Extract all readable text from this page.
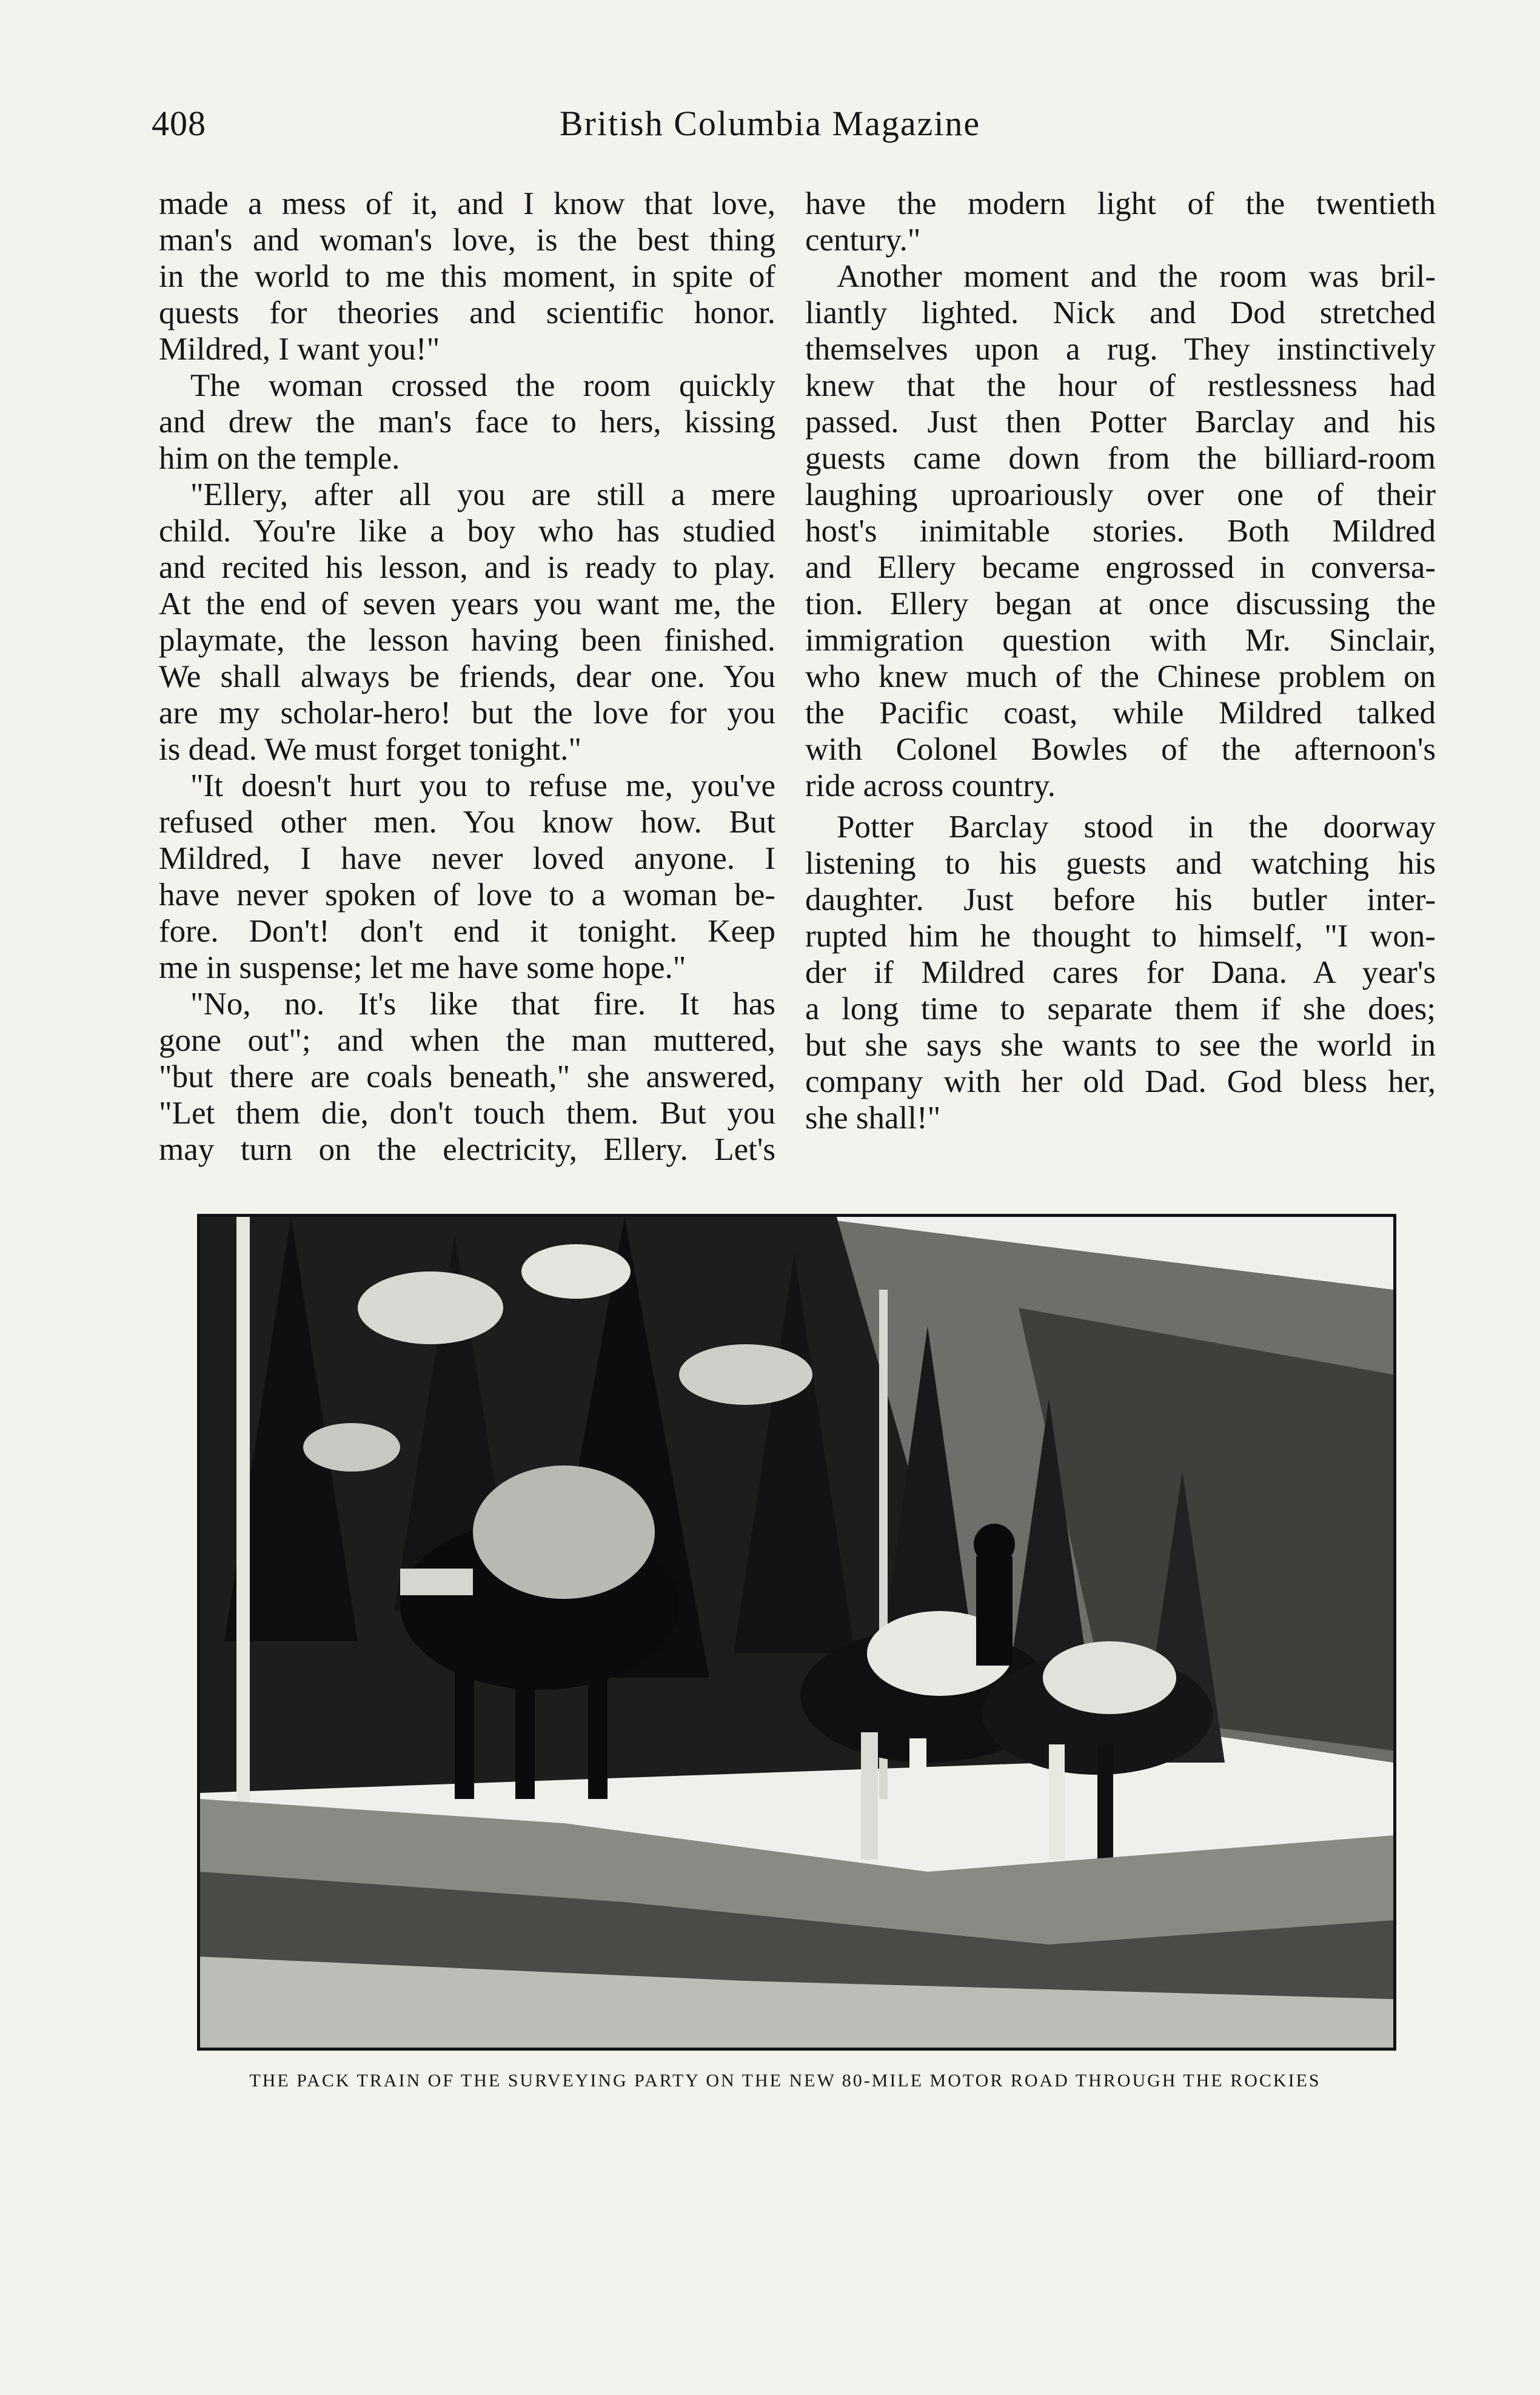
408	British Columbia Magazine
made a mess of it, and I know that love,
man's and woman's love, is the best thing
in the world to me this moment, in spite of
quests for theories and scientific honor.
Mildred, I want you!"
The woman crossed the room quickly
and drew the man's face to hers, kissing
him on the temple.
"Ellery, after all you are still a mere
child. You're like a boy who has studied
and recited his lesson, and is ready to play.
At the end of seven years you want me, the
playmate, the lesson having been finished.
We shall always be friends, dear one. You
are my scholar-hero! but the love for you
is dead. We must forget tonight."
"It doesn't hurt you to refuse me, you've
refused other men. You know how. But
Mildred, I have never loved anyone. I
have never spoken of love to a woman be-
fore. Don't! don't end it tonight. Keep
me in suspense; let me have some hope."
"No, no. It's like that fire. It has
gone out"; and when the man muttered,
"but there are coals beneath," she answered,
"Let them die, don't touch them. But you
may turn on the electricity, Ellery. Let's
have the modern light of the twentieth
century."
Another moment and the room was bril-
liantly lighted. Nick and Dod stretched
themselves upon a rug. They instinctively
knew that the hour of restlessness had
passed. Just then Potter Barclay and his
guests came down from the billiard-room
laughing uproariously over one of their
host's inimitable stories. Both Mildred
and Ellery became engrossed in conversa-
tion. Ellery began at once discussing the
immigration question with Mr. Sinclair,
who knew much of the Chinese problem on
the Pacific coast, while Mildred talked
with Colonel Bowles of the afternoon's
ride across country.
Potter Barclay stood in the doorway
listening to his guests and watching his
daughter. Just before his butler inter-
rupted him he thought to himself, "I won-
der if Mildred cares for Dana. A year's
a long time to separate them if she does;
but she says she wants to see the world in
company with her old Dad. God bless her,
she shall!"
THE PACK TRAIN OF THE SURVEYING PARTY ON THE NEW 80-MILE MOTOR ROAD THROUGH THE ROCKIES
